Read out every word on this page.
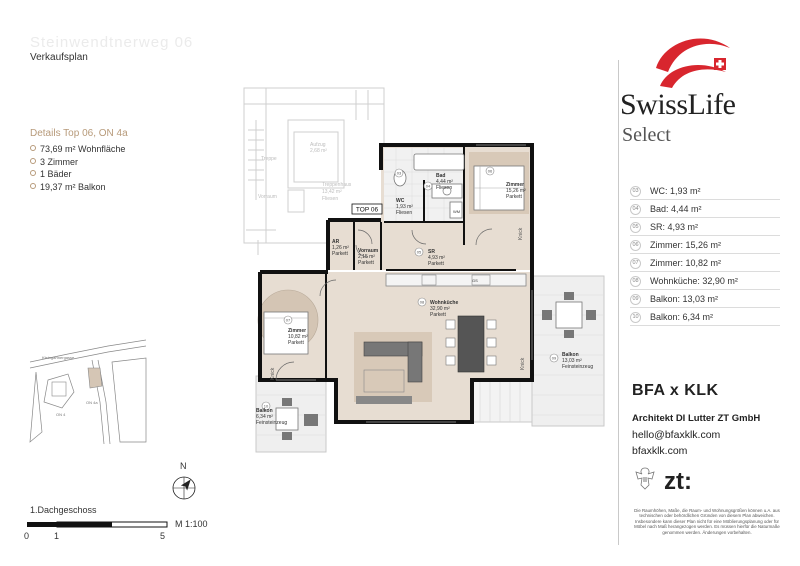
Steinwendtnerweg 06
Verkaufsplan
Details Top 06, ON 4a
73,69 m² Wohnfläche
3 Zimmer
1 Bäder
19,37 m² Balkon
Aufzug
2,68 m²
Treppe
Treppenhaus
13,42 m²
Fliesen
Vorraum
03
04
06
05
07
08
09
10
TOP 06
WC
1,93 m²
Fliesen
Bad
4,44 m²
Fliesen
WM
Zimmer
15,26 m²
Parkett
AR
1,26 m²
Parkett Vorraum
2,15 m²
Parkett
SR
4,93 m²
Parkett
Wohnküche
32,90 m²
Parkett
Zimmer
10,82 m²
Parkett
Balkon
13,03 m²
Feinsteinzeug
Balkon
6,34 m²
Feinsteinzeug
GS
Knick
Knick
Knick
Kleingärtnergasse
ON 4
ON 4a
N
1.Dachgeschoss
M 1:100
0	1	5
SwissLife
Select
03 WC: 1,93 m²
04 Bad: 4,44 m²
05 SR: 4,93 m²
06 Zimmer: 15,26 m²
07 Zimmer: 10,82 m²
08 Wohnküche: 32,90 m²
09 Balkon: 13,03 m²
10 Balkon: 6,34 m²
BFA x KLK
Architekt DI Lutter ZT GmbH
hello@bfaxklk.com
bfaxklk.com
zt:
Die Raumhöhen, Maße, die Raum- und Wohnungsgrößen können u.A. aus technischen oder behördlichen Gründen von diesem Plan abweichen. Insbesondere kann dieser Plan nicht für eine Möblierungsplanung oder für Möbel nach Maß herangezogen werden. Es müssen hierfür die Naturmaße genommen werden. Änderungen vorbehalten.
